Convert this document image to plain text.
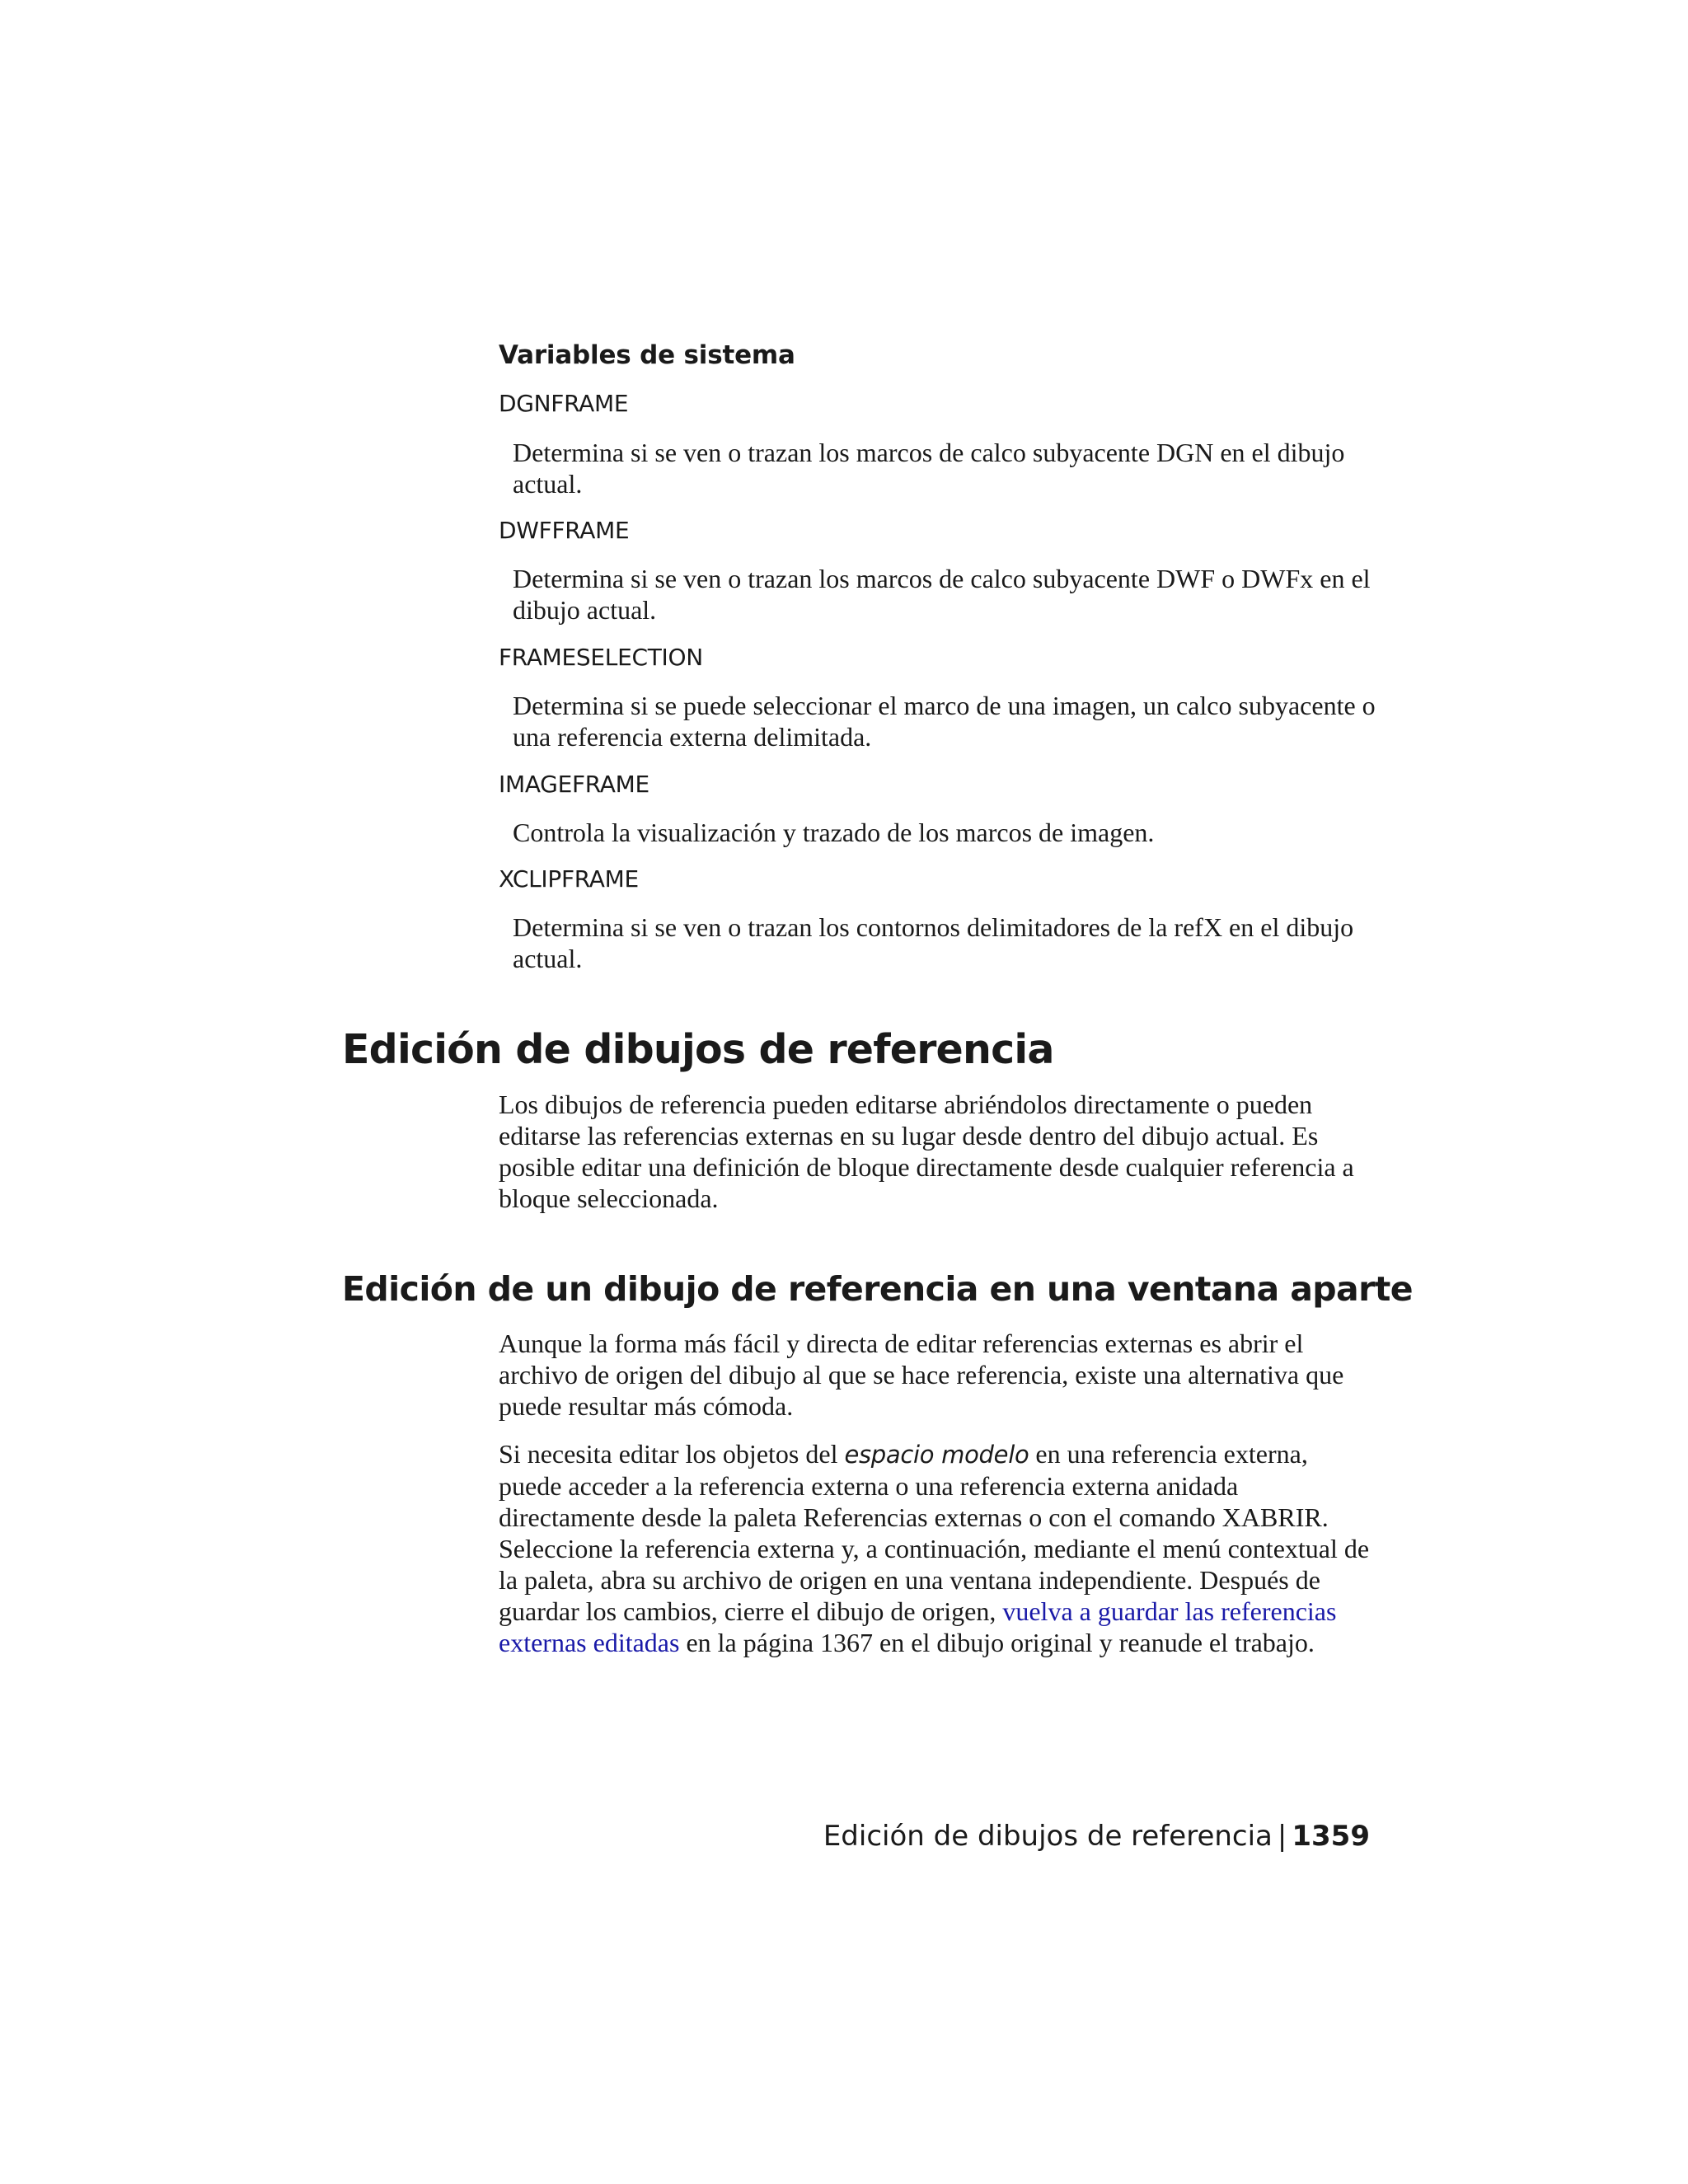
Variables de sistema
DGNFRAME

Determina si se ven o trazan los marcos de calco subyacente DGN en el dibujo actual.

DWFFRAME

Determina si se ven o trazan los marcos de calco subyacente DWF o DWFx en el dibujo actual.

FRAMESELECTION

Determina si se puede seleccionar el marco de una imagen, un calco subyacente o una referencia externa delimitada.

IMAGEFRAME

Controla la visualización y trazado de los marcos de imagen.

XCLIPFRAME

Determina si se ven o trazan los contornos delimitadores de la refX en el dibujo actual.

Edición de dibujos de referencia

Los dibujos de referencia pueden editarse abriéndolos directamente o pueden editarse las referencias externas en su lugar desde dentro del dibujo actual. Es posible editar una definición de bloque directamente desde cualquier referencia a bloque seleccionada.

Edición de un dibujo de referencia en una ventana aparte

Aunque la forma más fácil y directa de editar referencias externas es abrir el archivo de origen del dibujo al que se hace referencia, existe una alternativa que puede resultar más cómoda.

Si necesita editar los objetos del espacio modelo en una referencia externa, puede acceder a la referencia externa o una referencia externa anidada directamente desde la paleta Referencias externas o con el comando XABRIR. Seleccione la referencia externa y, a continuación, mediante el menú contextual de la paleta, abra su archivo de origen en una ventana independiente. Después de guardar los cambios, cierre el dibujo de origen, vuelva a guardar las referencias externas editadas en la página 1367 en el dibujo original y reanude el trabajo.

Edición de dibujos de referencia | 1359
